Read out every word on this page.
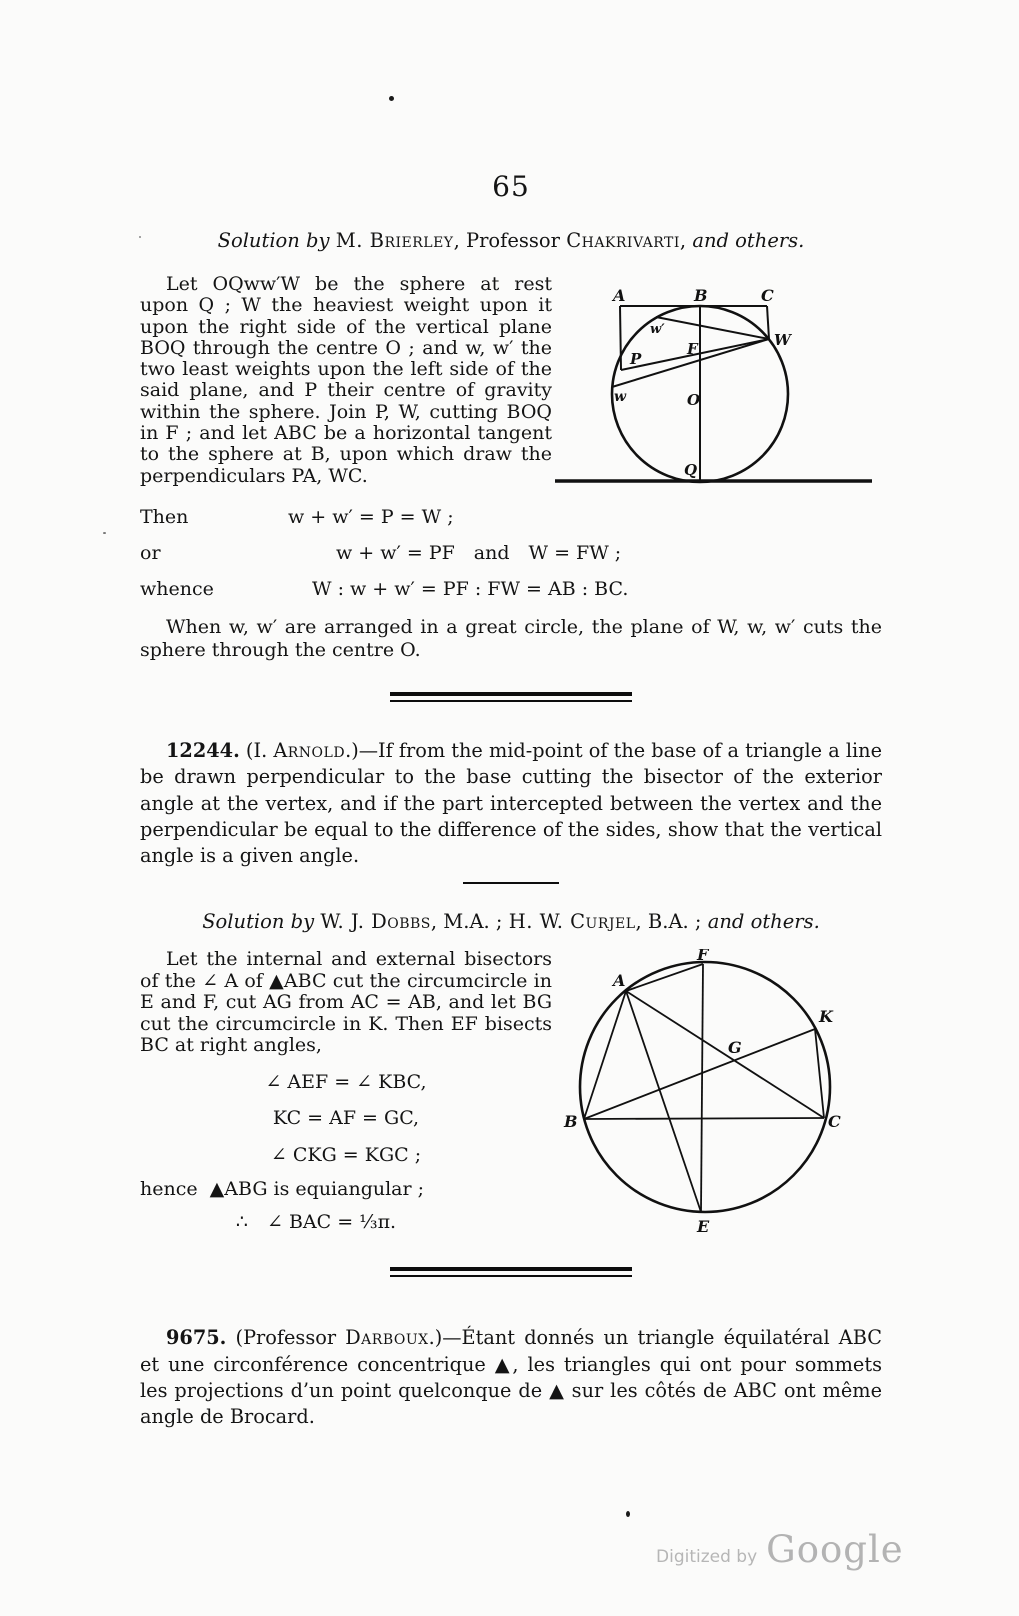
65

Solution by M. Brierley, Professor Chakrivarti, and others.

Let OQww′W be the sphere at rest upon Q ; W the heaviest weight upon it upon the right side of the vertical plane BOQ through the centre O ; and w, w′ the two least weights upon the left side of the said plane, and P their centre of gravity within the sphere. Join P, W, cutting BOQ in F ; and let ABC be a horizontal tangent to the sphere at B, upon which draw the perpendiculars PA, WC.

A	B	C
W
w′
P
F
w	O
Q
Then	w + w′ = P = W ;
or	w + w′ = PF and W = FW ;
whence	W : w + w′ = PF : FW = AB : BC.

When w, w′ are arranged in a great circle, the plane of W, w, w′ cuts the sphere through the centre O.

12244. (I. Arnold.)—If from the mid-point of the base of a triangle a line be drawn perpendicular to the base cutting the bisector of the exterior angle at the vertex, and if the part intercepted between the vertex and the perpendicular be equal to the difference of the sides, show that the vertical angle is a given angle.

Solution by W. J. Dobbs, M.A. ; H. W. Curjel, B.A. ; and others.

Let the internal and external bisectors of the ∠ A of ▲ABC cut the circumcircle in E and F, cut AG from AC = AB, and let BG cut the circumcircle in K. Then EF bisects BC at right angles,

∠ AEF = ∠ KBC,

KC = AF = GC,

∠ CKG = KGC ;

hence  ▲ABG is equiangular ;

∴ ∠ BAC = ⅓π.

F
A
K
G
B	C
E

9675. (Professor Darboux.)—Étant donnés un triangle équilatéral ABC et une circonférence concentrique ▲, les triangles qui ont pour sommets les projections d’un point quelconque de ▲ sur les côtés de ABC ont même angle de Brocard.

Digitized by Google
